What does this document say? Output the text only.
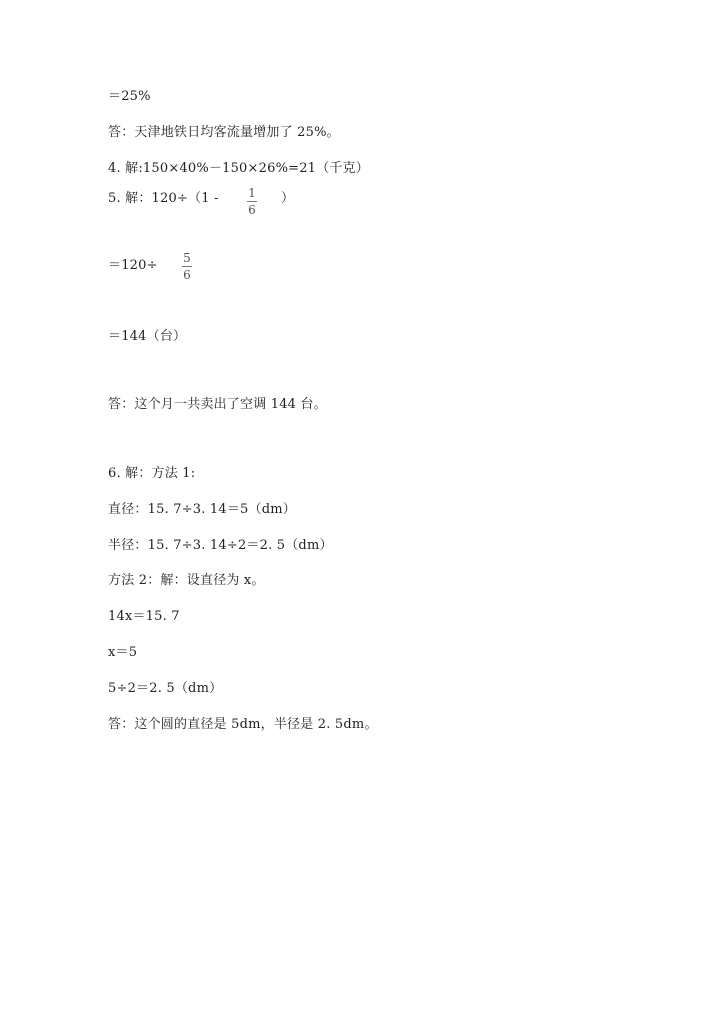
＝25%
答：天津地铁日均客流量增加了 25%。
4. 解:150×40%－150×26%=21（千克）
5. 解：120÷（1 - 1
6
）
＝120÷ 5
6
＝144（台）
答：这个月一共卖出了空调 144 台。
6. 解：方法 1:
直径：15. 7÷3. 14＝5（dm）
半径：15. 7÷3. 14÷2＝2. 5（dm）
方法 2：解：设直径为 x。
14x＝15. 7
x＝5
5÷2＝2. 5（dm）
答：这个圆的直径是 5dm，半径是 2. 5dm。
